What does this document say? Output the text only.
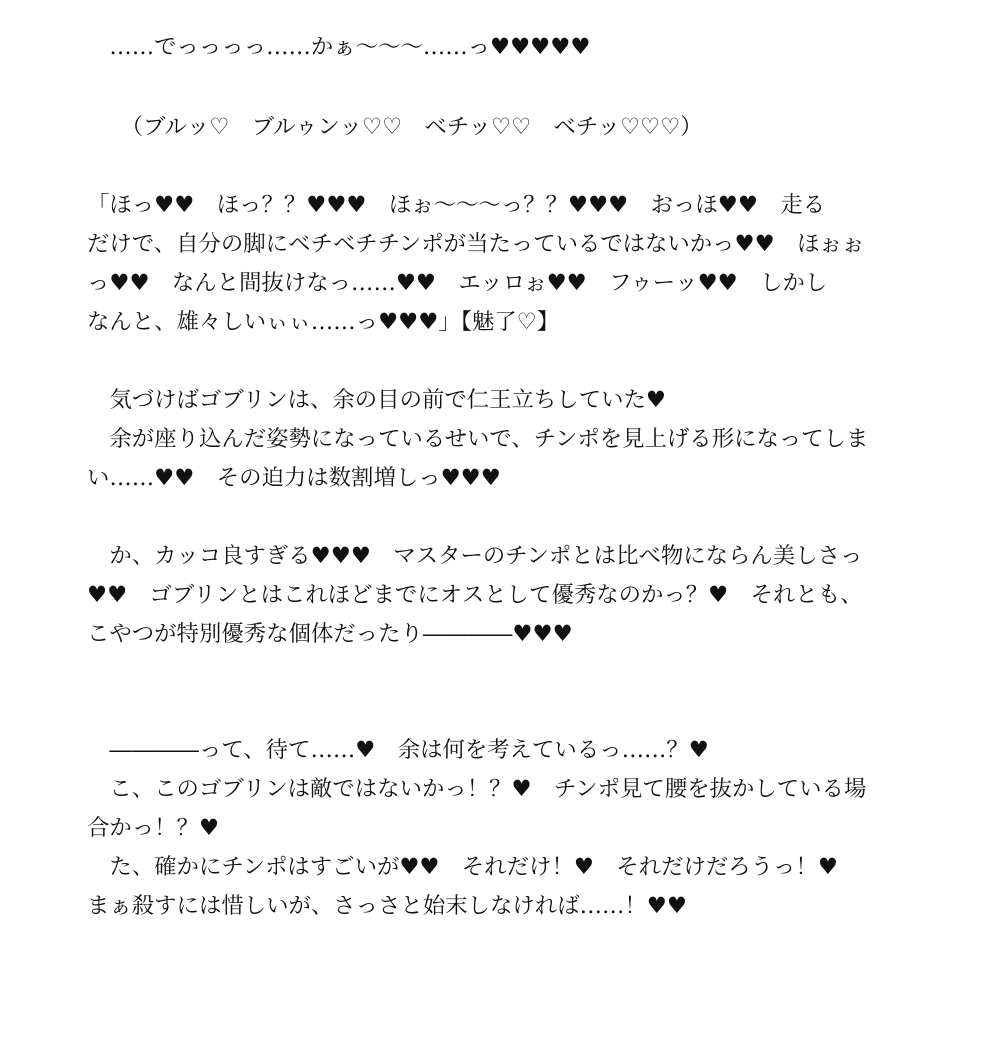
　……でっっっっ……かぁ〜〜〜……っ♥♥♥♥♥
　　（ブルッ♡　ブルゥンッ♡♡　ベチッ♡♡　ベチッ♡♡♡）
「ほっ♥♥　ほっ？？♥♥♥　ほぉ〜〜〜っ？？♥♥♥　おっほ♥♥　走る
だけで、自分の脚にベチベチチンポが当たっているではないかっ♥♥　ほぉぉ
っ♥♥　なんと間抜けなっ……♥♥　エッロぉ♥♥　フゥーッ♥♥　しかし
なんと、雄々しいぃぃ……っ♥♥♥」【魅了♡】
　気づけばゴブリンは、余の目の前で仁王立ちしていた♥
　余が座り込んだ姿勢になっているせいで、チンポを見上げる形になってしま
い……♥♥　その迫力は数割増しっ♥♥♥
　か、カッコ良すぎる♥♥♥　マスターのチンポとは比べ物にならん美しさっ
♥♥　ゴブリンとはこれほどまでにオスとして優秀なのかっ？♥　それとも、
こやつが特別優秀な個体だったり――――♥♥♥
　――――って、待て……♥　余は何を考えているっ……？♥
　こ、このゴブリンは敵ではないかっ！？♥　チンポ見て腰を抜かしている場
合かっ！？♥
　た、確かにチンポはすごいが♥♥　それだけ！♥　それだけだろうっ！♥
まぁ殺すには惜しいが、さっさと始末しなければ……！♥♥
